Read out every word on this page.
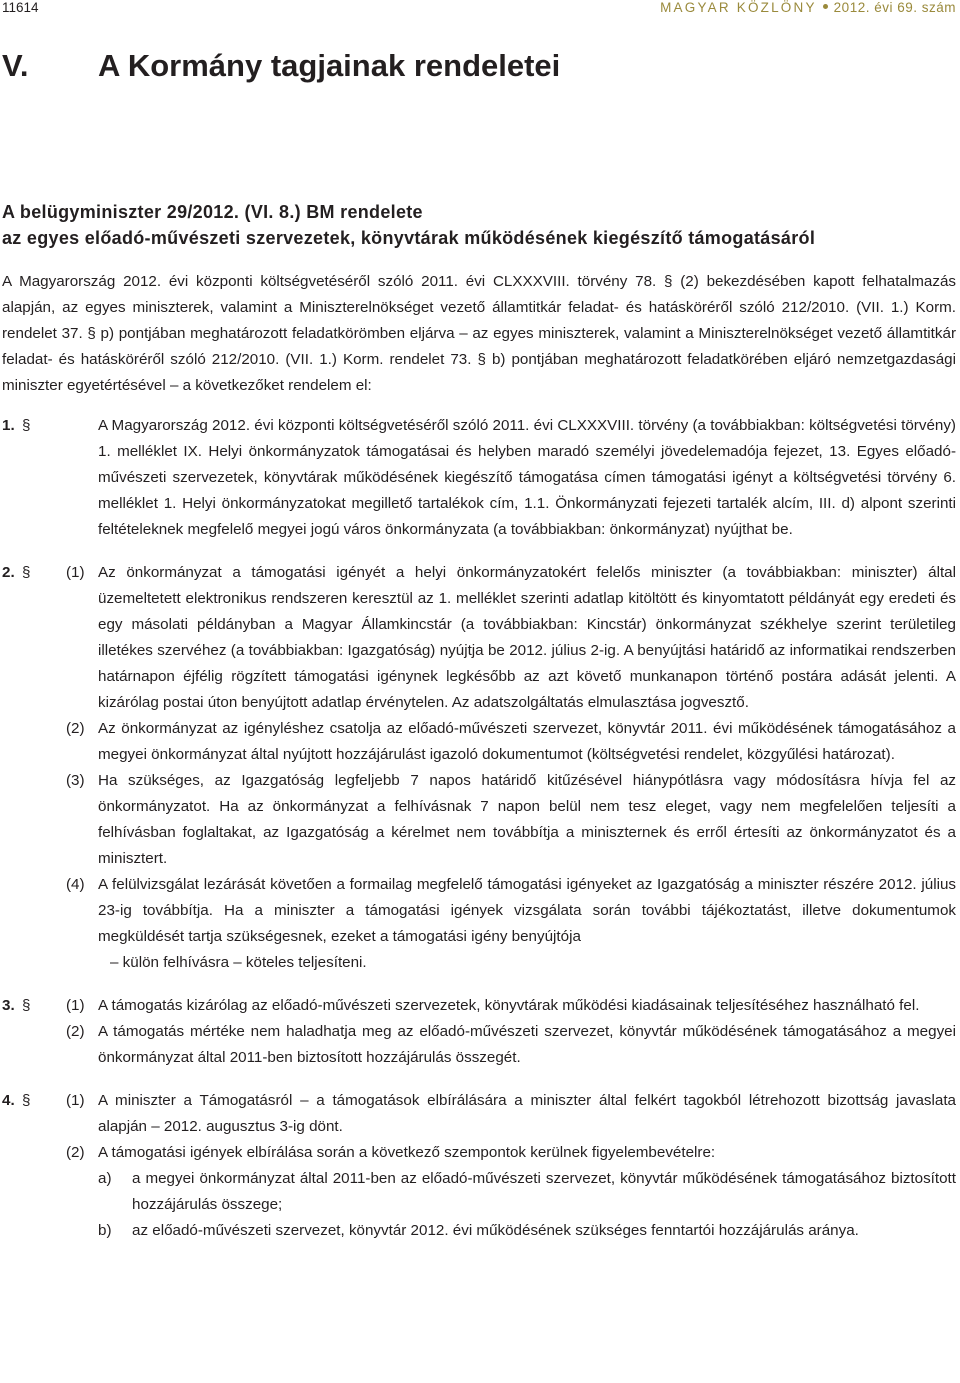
11614	MAGYAR KÖZLÖNY 2012. évi 69. szám
V. A Kormány tagjainak rendeletei
A belügyminiszter 29/2012. (VI. 8.) BM rendelete
az egyes előadó-művészeti szervezetek, könyvtárak működésének kiegészítő támogatásáról

A Magyarország 2012. évi központi költségvetéséről szóló 2011. évi CLXXXVIII. törvény 78. § (2) bekezdésében kapott felhatalmazás alapján, az egyes miniszterek, valamint a Miniszterelnökséget vezető államtitkár feladat- és hatásköréről szóló 212/2010. (VII. 1.) Korm. rendelet 37. § p) pontjában meghatározott feladatkörömben eljárva – az egyes miniszterek, valamint a Miniszterelnökséget vezető államtitkár feladat- és hatásköréről szóló 212/2010. (VII. 1.) Korm. rendelet 73. § b) pontjában meghatározott feladatkörében eljáró nemzetgazdasági miniszter egyetértésével – a következőket rendelem el:

1. §	A Magyarország 2012. évi központi költségvetéséről szóló 2011. évi CLXXXVIII. törvény (a továbbiakban: költségvetési törvény) 1. melléklet IX. Helyi önkormányzatok támogatásai és helyben maradó személyi jövedelemadója fejezet, 13. Egyes előadó-művészeti szervezetek, könyvtárak működésének kiegészítő támogatása címen támogatási igényt a költségvetési törvény 6. melléklet 1. Helyi önkormányzatokat megillető tartalékok cím, 1.1. Önkormányzati fejezeti tartalék alcím, III. d) alpont szerinti feltételeknek megfelelő megyei jogú város önkormányzata (a továbbiakban: önkormányzat) nyújthat be.
2. § (1) Az önkormányzat a támogatási igényét a helyi önkormányzatokért felelős miniszter (a továbbiakban: miniszter) által üzemeltetett elektronikus rendszeren keresztül az 1. melléklet szerinti adatlap kitöltött és kinyomtatott példányát egy eredeti és egy másolati példányban a Magyar Államkincstár (a továbbiakban: Kincstár) önkormányzat székhelye szerint területileg illetékes szervéhez (a továbbiakban: Igazgatóság) nyújtja be 2012. július 2-ig. A benyújtási határidő az informatikai rendszerben határnapon éjfélig rögzített támogatási igénynek legkésőbb az azt követő munkanapon történő postára adását jelenti. A kizárólag postai úton benyújtott adatlap érvénytelen. Az adatszolgáltatás elmulasztása jogvesztő.
(2) Az önkormányzat az igényléshez csatolja az előadó-művészeti szervezet, könyvtár 2011. évi működésének támogatásához a megyei önkormányzat által nyújtott hozzájárulást igazoló dokumentumot (költségvetési rendelet, közgyűlési határozat).
(3) Ha szükséges, az Igazgatóság legfeljebb 7 napos határidő kitűzésével hiánypótlásra vagy módosításra hívja fel az önkormányzatot. Ha az önkormányzat a felhívásnak 7 napon belül nem tesz eleget, vagy nem megfelelően teljesíti a felhívásban foglaltakat, az Igazgatóság a kérelmet nem továbbítja a miniszternek és erről értesíti az önkormányzatot és a minisztert.
(4) A felülvizsgálat lezárását követően a formailag megfelelő támogatási igényeket az Igazgatóság a miniszter részére 2012. július 23-ig továbbítja. Ha a miniszter a támogatási igények vizsgálata során további tájékoztatást, illetve dokumentumok megküldését tartja szükségesnek, ezeket a támogatási igény benyújtója
– külön felhívásra – köteles teljesíteni.
3. § (1) A támogatás kizárólag az előadó-művészeti szervezetek, könyvtárak működési kiadásainak teljesítéséhez használható fel.
(2) A támogatás mértéke nem haladhatja meg az előadó-művészeti szervezet, könyvtár működésének támogatásához a megyei önkormányzat által 2011-ben biztosított hozzájárulás összegét.
4. § (1) A miniszter a Támogatásról – a támogatások elbírálására a miniszter által felkért tagokból létrehozott bizottság javaslata alapján – 2012. augusztus 3-ig dönt.
(2) A támogatási igények elbírálása során a következő szempontok kerülnek figyelembevételre:
a) a megyei önkormányzat által 2011-ben az előadó-művészeti szervezet, könyvtár működésének támogatásához biztosított hozzájárulás összege;
b) az előadó-művészeti szervezet, könyvtár 2012. évi működésének szükséges fenntartói hozzájárulás aránya.
